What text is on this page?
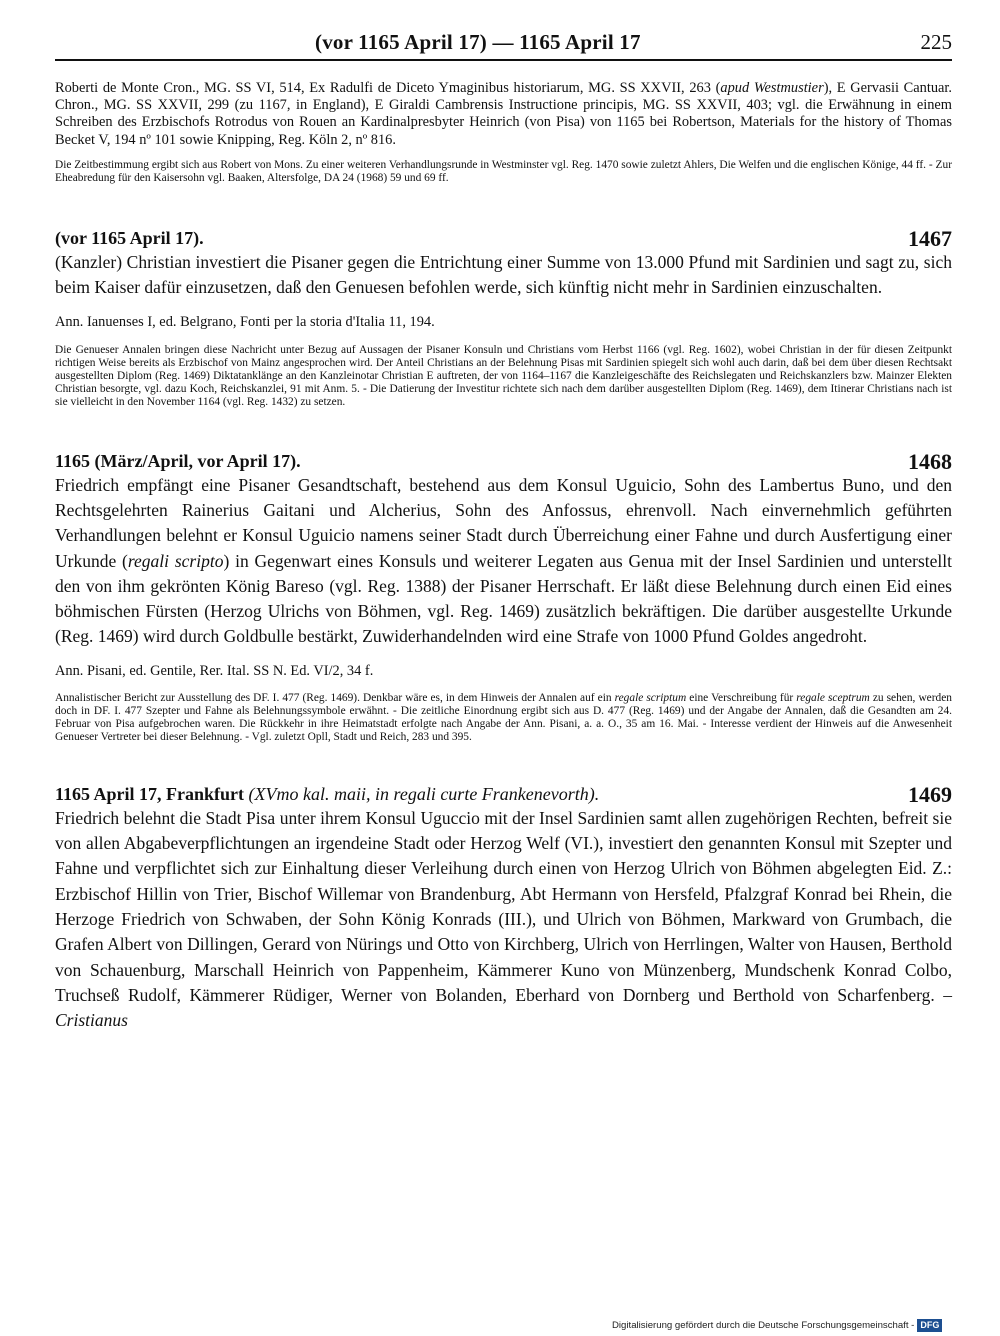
(vor 1165 April 17) — 1165 April 17	225
Roberti de Monte Cron., MG. SS VI, 514, Ex Radulfi de Diceto Ymaginibus historiarum, MG. SS XXVII, 263 (apud Westmustier), E Gervasii Cantuar. Chron., MG. SS XXVII, 299 (zu 1167, in England), E Giraldi Cambrensis Instructione principis, MG. SS XXVII, 403; vgl. die Erwähnung in einem Schreiben des Erzbischofs Rotrodus von Rouen an Kardinalpresbyter Heinrich (von Pisa) von 1165 bei Robertson, Materials for the history of Thomas Becket V, 194 nº 101 sowie Knipping, Reg. Köln 2, nº 816.
Die Zeitbestimmung ergibt sich aus Robert von Mons. Zu einer weiteren Verhandlungsrunde in Westminster vgl. Reg. 1470 sowie zuletzt Ahlers, Die Welfen und die englischen Könige, 44 ff. - Zur Eheabredung für den Kaisersohn vgl. Baaken, Altersfolge, DA 24 (1968) 59 und 69 ff.
(vor 1165 April 17).	1467
(Kanzler) Christian investiert die Pisaner gegen die Entrichtung einer Summe von 13.000 Pfund mit Sardinien und sagt zu, sich beim Kaiser dafür einzusetzen, daß den Genuesen befohlen werde, sich künftig nicht mehr in Sardinien einzuschalten.
Ann. Ianuenses I, ed. Belgrano, Fonti per la storia d'Italia 11, 194.
Die Genueser Annalen bringen diese Nachricht unter Bezug auf Aussagen der Pisaner Konsuln und Christians vom Herbst 1166 (vgl. Reg. 1602), wobei Christian in der für diesen Zeitpunkt richtigen Weise bereits als Erzbischof von Mainz angesprochen wird. Der Anteil Christians an der Belehnung Pisas mit Sardinien spiegelt sich wohl auch darin, daß bei dem über diesen Rechtsakt ausgestellten Diplom (Reg. 1469) Diktatanklänge an den Kanzleinotar Christian E auftreten, der von 1164–1167 die Kanzleigeschäfte des Reichslegaten und Reichskanzlers bzw. Mainzer Elekten Christian besorgte, vgl. dazu Koch, Reichskanzlei, 91 mit Anm. 5. - Die Datierung der Investitur richtete sich nach dem darüber ausgestellten Diplom (Reg. 1469), dem Itinerar Christians nach ist sie vielleicht in den November 1164 (vgl. Reg. 1432) zu setzen.
1165 (März/April, vor April 17).	1468
Friedrich empfängt eine Pisaner Gesandtschaft, bestehend aus dem Konsul Uguicio, Sohn des Lambertus Buno, und den Rechtsgelehrten Rainerius Gaitani und Alcherius, Sohn des Anfossus, ehrenvoll. Nach einvernehmlich geführten Verhandlungen belehnt er Konsul Uguicio namens seiner Stadt durch Überreichung einer Fahne und durch Ausfertigung einer Urkunde (regali scripto) in Gegenwart eines Konsuls und weiterer Legaten aus Genua mit der Insel Sardinien und unterstellt den von ihm gekrönten König Bareso (vgl. Reg. 1388) der Pisaner Herrschaft. Er läßt diese Belehnung durch einen Eid eines böhmischen Fürsten (Herzog Ulrichs von Böhmen, vgl. Reg. 1469) zusätzlich bekräftigen. Die darüber ausgestellte Urkunde (Reg. 1469) wird durch Goldbulle bestärkt, Zuwiderhandelnden wird eine Strafe von 1000 Pfund Goldes angedroht.
Ann. Pisani, ed. Gentile, Rer. Ital. SS N. Ed. VI/2, 34 f.
Annalistischer Bericht zur Ausstellung des DF. I. 477 (Reg. 1469). Denkbar wäre es, in dem Hinweis der Annalen auf ein regale scriptum eine Verschreibung für regale sceptrum zu sehen, werden doch in DF. I. 477 Szepter und Fahne als Belehnungssymbole erwähnt. - Die zeitliche Einordnung ergibt sich aus D. 477 (Reg. 1469) und der Angabe der Annalen, daß die Gesandten am 24. Februar von Pisa aufgebrochen waren. Die Rückkehr in ihre Heimatstadt erfolgte nach Angabe der Ann. Pisani, a. a. O., 35 am 16. Mai. - Interesse verdient der Hinweis auf die Anwesenheit Genueser Vertreter bei dieser Belehnung. - Vgl. zuletzt Opll, Stadt und Reich, 283 und 395.
1165 April 17, Frankfurt (XVmo kal. maii, in regali curte Frankenevorth).	1469
Friedrich belehnt die Stadt Pisa unter ihrem Konsul Uguccio mit der Insel Sardinien samt allen zugehörigen Rechten, befreit sie von allen Abgabeverpflichtungen an irgendeine Stadt oder Herzog Welf (VI.), investiert den genannten Konsul mit Szepter und Fahne und verpflichtet sich zur Einhaltung dieser Verleihung durch einen von Herzog Ulrich von Böhmen abgelegten Eid. Z.: Erzbischof Hillin von Trier, Bischof Willemar von Brandenburg, Abt Hermann von Hersfeld, Pfalzgraf Konrad bei Rhein, die Herzoge Friedrich von Schwaben, der Sohn König Konrads (III.), und Ulrich von Böhmen, Markward von Grumbach, die Grafen Albert von Dillingen, Gerard von Nürings und Otto von Kirchberg, Ulrich von Herrlingen, Walter von Hausen, Berthold von Schauenburg, Marschall Heinrich von Pappenheim, Kämmerer Kuno von Münzenberg, Mundschenk Konrad Colbo, Truchseß Rudolf, Kämmerer Rüdiger, Werner von Bolanden, Eberhard von Dornberg und Berthold von Scharfenberg. – Cristianus
Digitalisierung gefördert durch die Deutsche Forschungsgemeinschaft - DFG
